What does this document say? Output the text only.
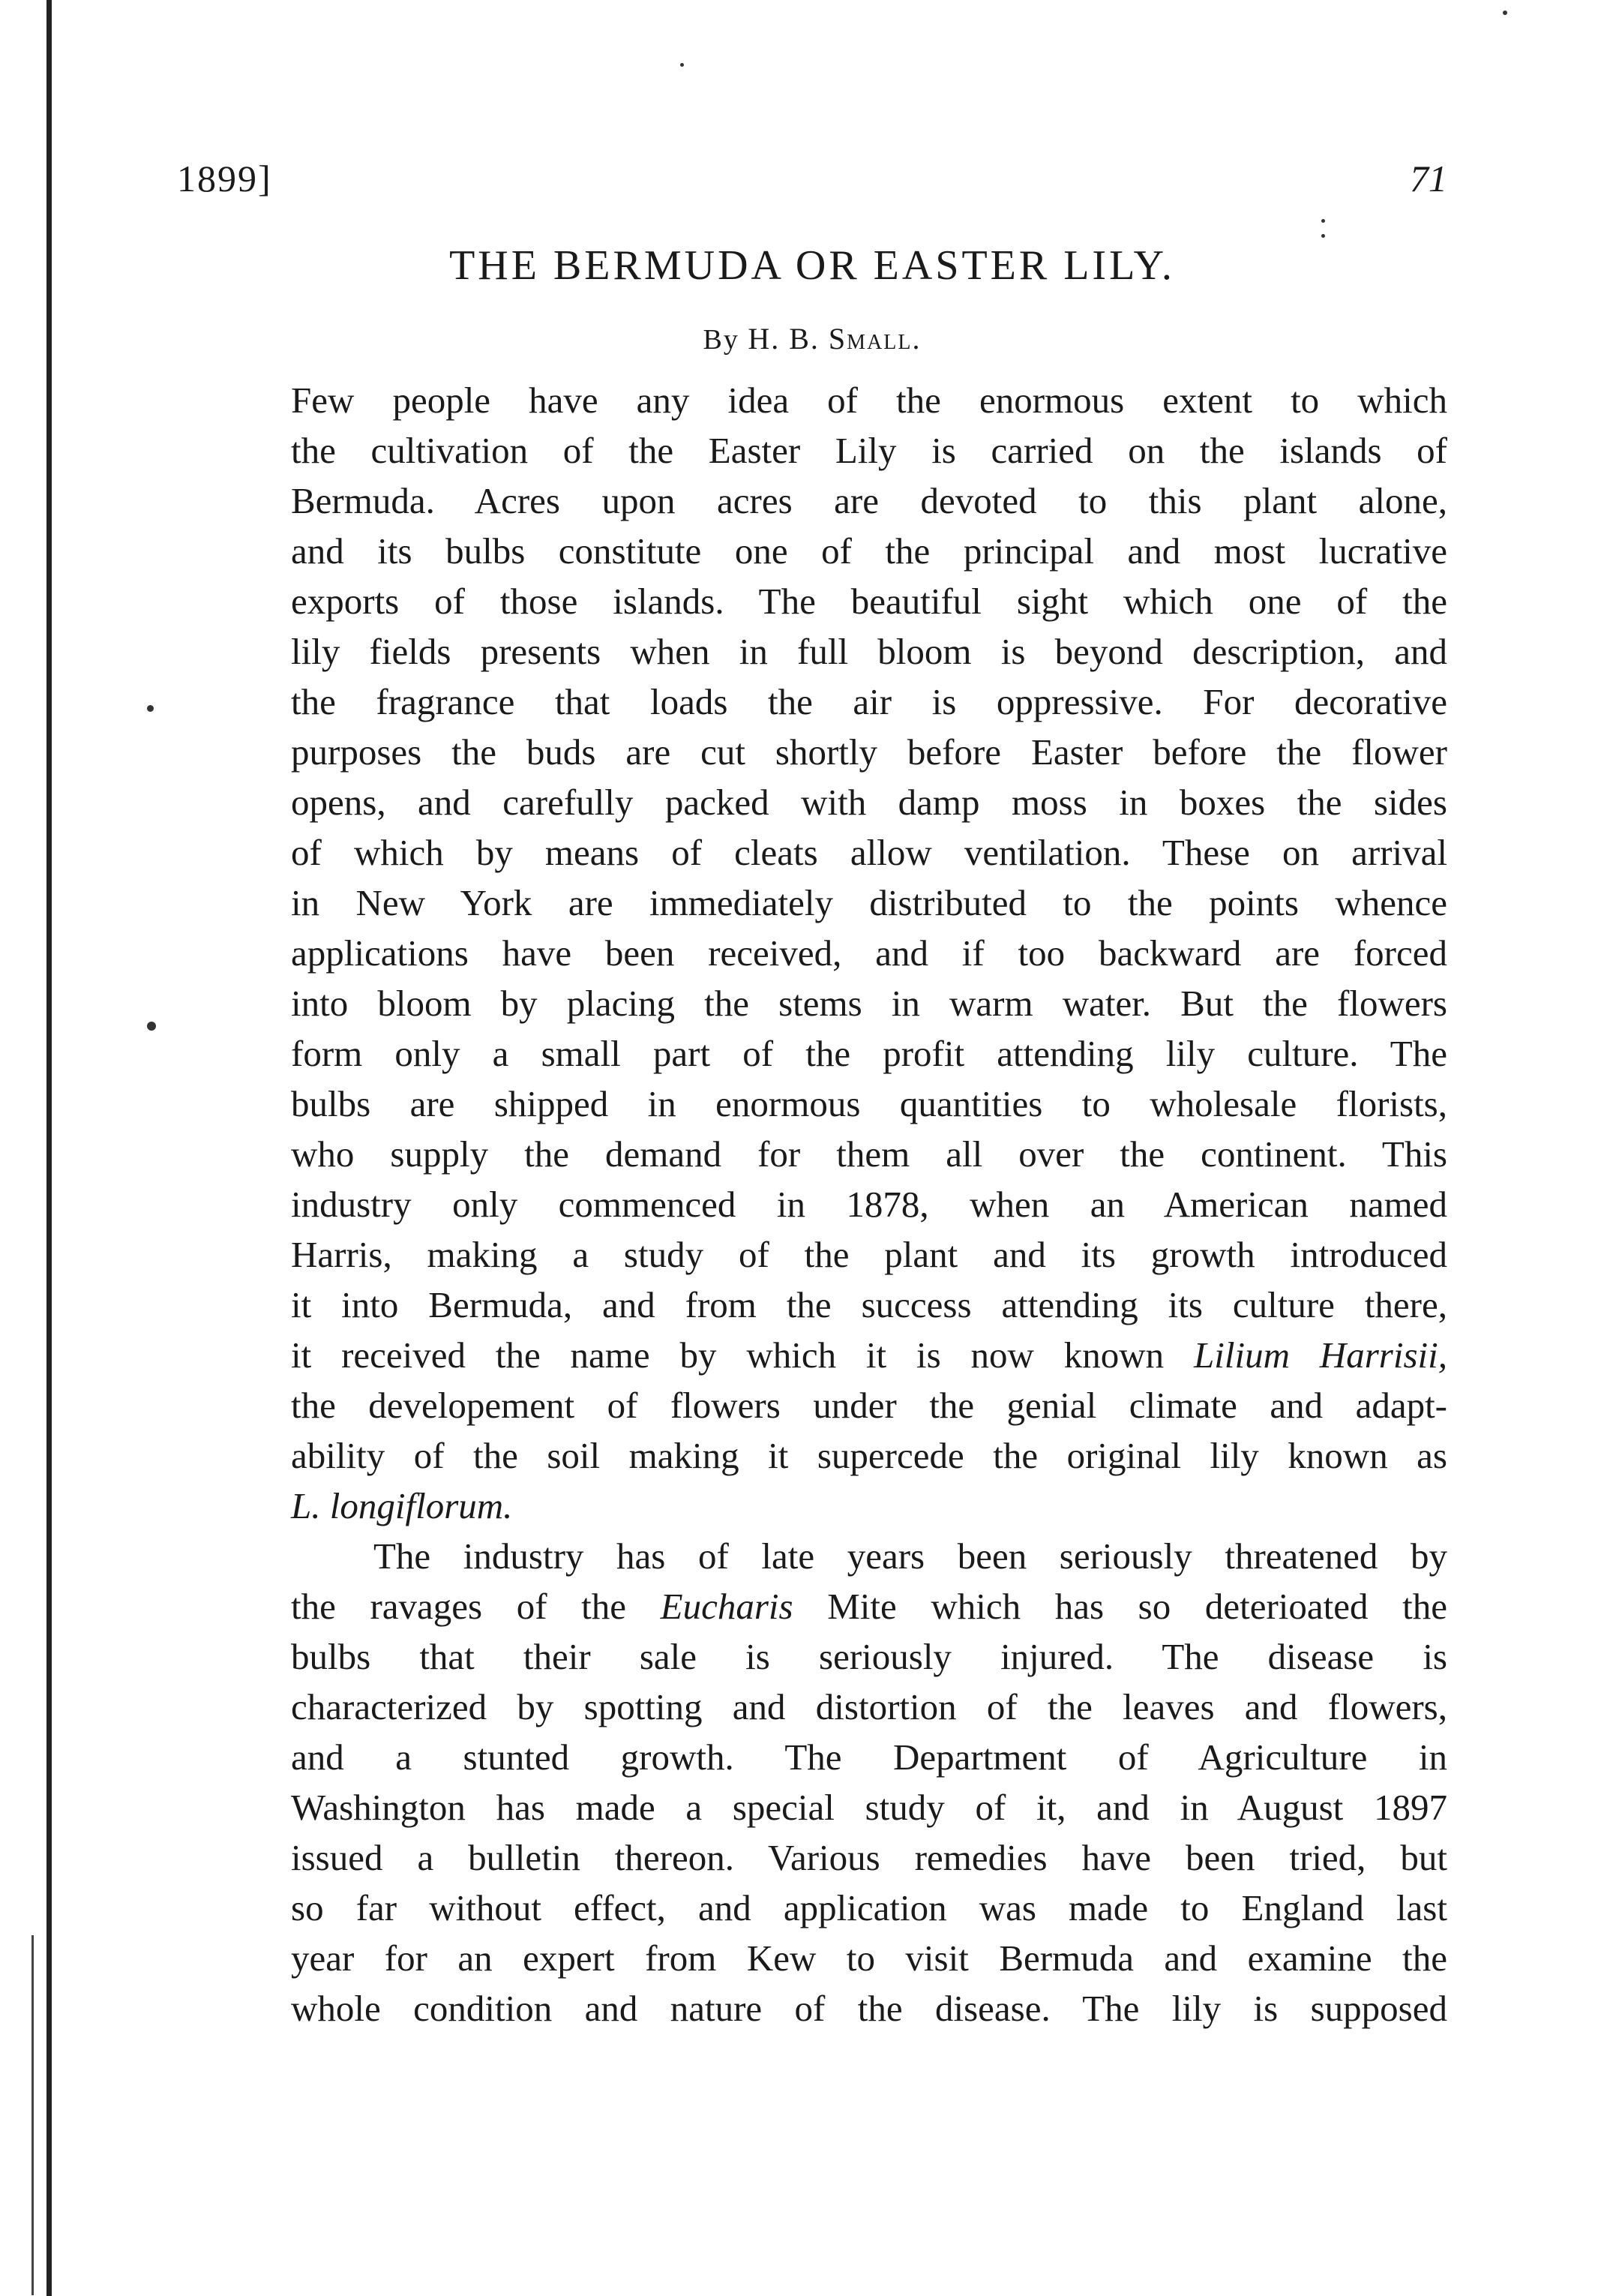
1899]	71
THE BERMUDA OR EASTER LILY.
By H. B. Small.
Few people have any idea of the enormous extent to which
the cultivation of the Easter Lily is carried on the islands of
Bermuda. Acres upon acres are devoted to this plant alone,
and its bulbs constitute one of the principal and most lucrative
exports of those islands. The beautiful sight which one of the
lily fields presents when in full bloom is beyond description, and
the fragrance that loads the air is oppressive. For decorative
purposes the buds are cut shortly before Easter before the flower
opens, and carefully packed with damp moss in boxes the sides
of which by means of cleats allow ventilation. These on arrival
in New York are immediately distributed to the points whence
applications have been received, and if too backward are forced
into bloom by placing the stems in warm water. But the flowers
form only a small part of the profit attending lily culture. The
bulbs are shipped in enormous quantities to wholesale florists,
who supply the demand for them all over the continent. This
industry only commenced in 1878, when an American named
Harris, making a study of the plant and its growth introduced
it into Bermuda, and from the success attending its culture there,
it received the name by which it is now known Lilium Harrisii,
the developement of flowers under the genial climate and adapt-
ability of the soil making it supercede the original lily known as
L. longiflorum.
The industry has of late years been seriously threatened by
the ravages of the Eucharis Mite which has so deterioated the
bulbs that their sale is seriously injured. The disease is
characterized by spotting and distortion of the leaves and flowers,
and a stunted growth. The Department of Agriculture in
Washington has made a special study of it, and in August 1897
issued a bulletin thereon. Various remedies have been tried, but
so far without effect, and application was made to England last
year for an expert from Kew to visit Bermuda and examine the
whole condition and nature of the disease. The lily is supposed
